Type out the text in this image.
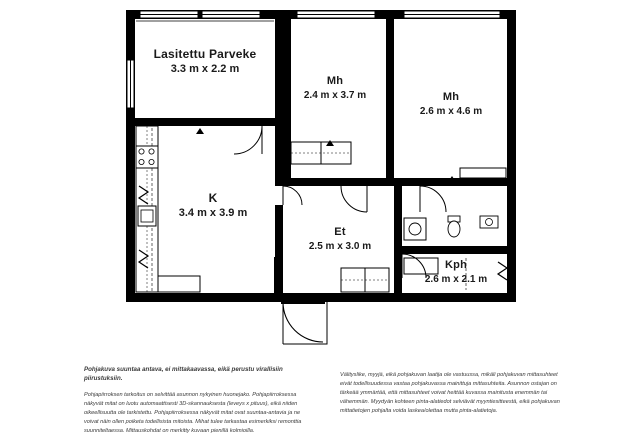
Lasitettu Parveke
3.3 m x 2.2 m
Mh
2.4 m x 3.7 m	Mh
2.6 m x 4.6 m
K
3.4 m x 3.9 m
Et
2.5 m x 3.0 m
Kph
2.6 m x 2.1 m
Pohjakuva suuntaa antava, ei mittakaavassa, eikä perustu virallisiin piirustuksiin.
Pohjapiirroksen tarkoitus on selvittää asunnon nykyinen huonejako. Pohjapiirroksessa näkyvät mitat on luotu automaattisesti 3D-skannauksesta (leveys x pituus), eikä niiden oikeellisuutta ole tarkistettu. Pohjapiirroksessa näkyvät mitat ovat suuntaa-antavia ja ne voivat näin ollen poiketa todellisista mitoista. Mihat tulee tarkastaa esimerkiksi remonttia suunniteltaessa. Mittauskohdat on merkitty kuvaan pienillä kolmioilla.
Välityslike, myyjä, eikä pohjakuvan laatija ole vastuussa, mikäli pohjakuvan mittasuhteet eivät todellisuudessa vastaa pohjakuvassa mainittuja mittasuhteita. Asunnon ostajan on tärkeää ymmärtää, että mittasuhteet voivat heittää kuvassa mainitusta enemmän tai vähemmän. Myydyän kohteen pinta-alatiedot selviävät myyntiesitteestä, eikä pohjakuvan mittatietojen pohjalta voida laskea/olettaa mutta pinta-alatietoja.
